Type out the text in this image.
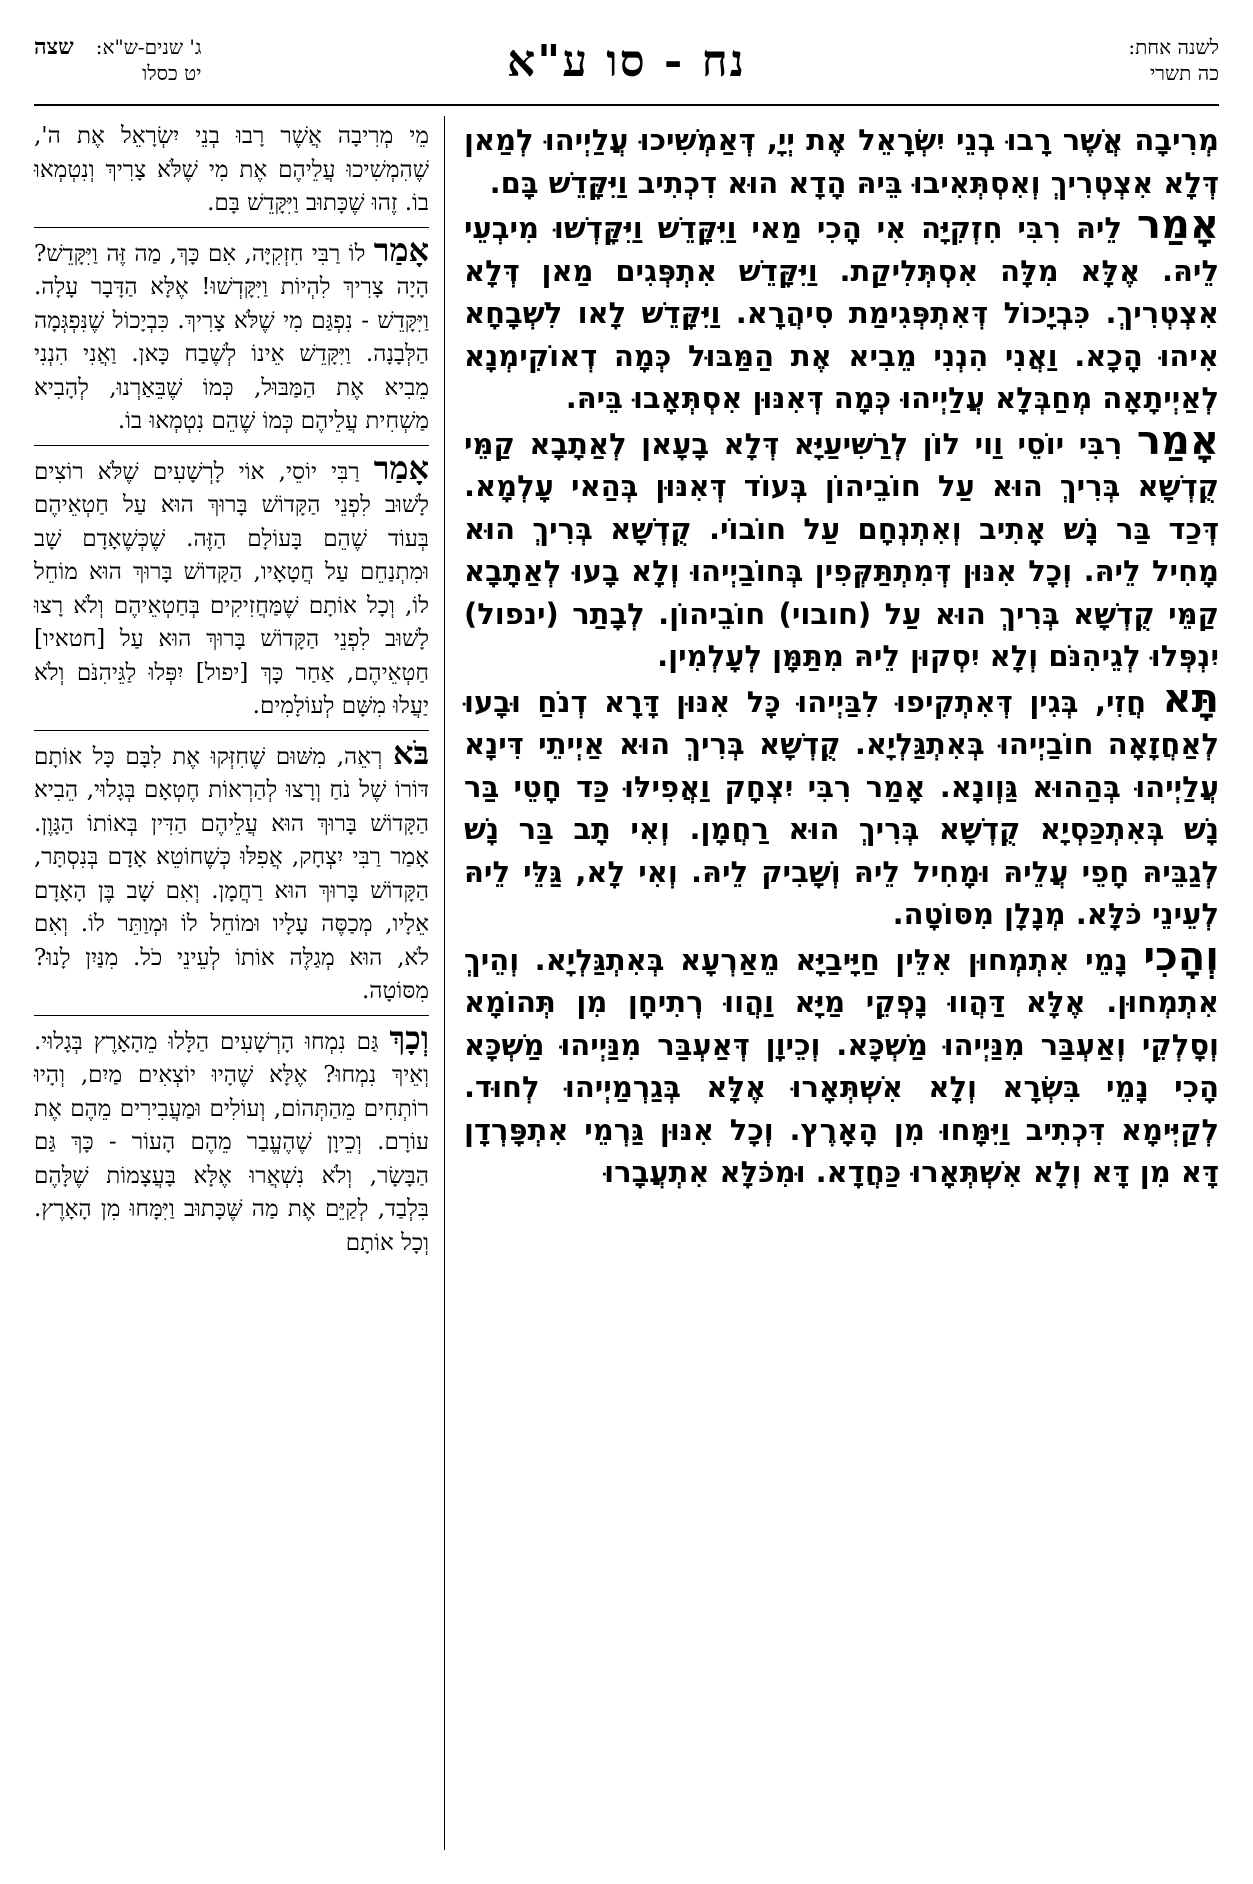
לשנה אחת:
כה תשרי
נח - סו ע"א
ג' שנים-ש"א:
יט כסלו
שצה

מְרִיבָה אֲשֶׁר רָבוּ בְנֵי יִשְׂרָאֵל אֶת יְיָ, דְּאַמְשִׁיכוּ עֲלַיְיהוּ לְמַאן דְּלָא אִצְטְרִיךְ וְאִסְתְּאִיבוּ בֵּיהּ הָדָא הוּא דִכְתִיב וַיִּקָּדֵשׁ בָּם.

אָמַר לֵיהּ רִבִּי חִזְקִיָּה אִי הָכִי מַאי וַיִּקָּדֵשׁ וַיִּקָּדְשׁוּ מִיבְעֵי לֵיהּ. אֶלָּא מִלָּה אִסְתְּלִיקַת. וַיִּקָּדֵשׁ אִתְפְּגִים מַאן דְּלָא אִצְטְרִיךְ. כִּבְיָכוֹל דְּאִתְפְּגִימַת סִיהֲרָא. וַיִּקָּדֵשׁ לָאו לִשְׁבָחָא אִיהוּ הָכָא. וַאֲנִי הִנְנִי מֵבִיא אֶת הַמַּבּוּל כְּמָה דְאוֹקִימְנָא לְאַיְיתָאָה מְחַבְּלָא עֲלַיְיהוּ כְּמָה דְּאִנּוּן אִסְתְּאָבוּ בֵּיהּ.

אָמַר רִבִּי יוֹסֵי וַוי לוֹן לְרַשִּׁיעַיָּא דְּלָא בָעָאן לְאַתָבָא קַמֵּי קֻדְשָׁא בְּרִיךְ הוּא עַל חוֹבֵיהוֹן בְּעוֹד דְּאִנּוּן בְּהַאי עָלְמָא. דְּכַד בַּר נָשׁ אָתִיב וְאִתְנְחָם עַל חוֹבוֹי. קֻדְשָׁא בְּרִיךְ הוּא מָחִיל לֵיהּ. וְכָל אִנּוּן דְּמִתְתַּקְּפִין בְּחוֹבַיְיהוּ וְלָא בָעוּ לְאַתָבָא קַמֵּי קֻדְשָׁא בְּרִיךְ הוּא עַל (חובוי) חוֹבֵיהוֹן. לְבָתַר (ינפול) יִנְפְּלוּ לְגֵיהִנֹּם וְלָא יִסְקוּן לֵיהּ מִתַּמָּן לְעָלְמִין.

תָּא חֲזִי, בְּגִין דְּאִתְקִיפוּ לִבַּיְיהוּ כָּל אִנּוּן דָּרָא דְנֹחַ וּבָעוּ לְאַחֲזָאָה חוֹבַיְיהוּ בְּאִתְגַּלְיָא. קֻדְשָׁא בְּרִיךְ הוּא אַיְיתֵי דִּינָא עֲלַיְיהוּ בְּהַהוּא גַּוְונָא. אָמַר רִבִּי יִצְחָק וַאֲפִילּוּ כַּד חָטֵי בַּר נָשׁ בְּאִתְכַּסְיָא קֻדְשָׁא בְּרִיךְ הוּא רַחֲמָן. וְאִי תָב בַּר נָשׁ לְגַבֵּיהּ חָפֵי עֲלֵיהּ וּמָחִיל לֵיהּ וְשָׁבִיק לֵיהּ. וְאִי לָא, גַּלֵּי לֵיהּ לְעֵינֵי כֹּלָּא. מְנָלָן מִסּוֹטָה.

וְהָכִי נָמֵי אִתְמְחוּן אִלֵּין חַיָּיבַיָּא מֵאַרְעָא בְּאִתְגַּלְיָא. וְהֵיךְ אִתְמְחוּן. אֶלָּא דַּהֲווּ נָפְקֵי מַיָּא וַהֲווּ רְתִיחָן מִן תְּהוֹמָא וְסָלְקֵי וְאַעְבַּר מִנַּיְיהוּ מַשְׁכָּא. וְכֵיוָן דְּאַעְבַּר מִנַּיְיהוּ מַשְׁכָּא הָכִי נָמֵי בִּשְׂרָא וְלָא אִשְׁתְּאָרוּ אֶלָּא בְּגַרְמַיְיהוּ לְחוּד. לְקַיְּימָא דִּכְתִיב וַיִּמָּחוּ מִן הָאָרֶץ. וְכָל אִנּוּן גַּרְמֵי אִתְפָּרְדָן דָּא מִן דָּא וְלָא אִשְׁתְּאָרוּ כַּחֲדָא. וּמִכֹּלָּא אִתְעֲבָרוּ

מֵי מְרִיבָה אֲשֶׁר רָבוּ בְנֵי יִשְׂרָאֵל אֶת ה', שֶׁהִמְשִׁיכוּ עֲלֵיהֶם אֶת מִי שֶׁלֹּא צָרִיךְ וְנִטְמְאוּ בוֹ. זֶהוּ שֶׁכָּתוּב וַיִּקָּדֵשׁ בָּם.

אָמַר לוֹ רַבִּי חִזְקִיָּה, אִם כָּךְ, מַה זֶּה וַיִּקָּדֵשׁ? הָיָה צָרִיךְ לִהְיוֹת וַיִּקָּדְשׁוּ! אֶלָּא הַדָּבָר עָלָה. וַיִּקָּדֵשׁ - נִפְגַּם מִי שֶׁלֹּא צָרִיךְ. כִּבְיָכוֹל שֶׁנִּפְגְּמָה הַלְּבָנָה. וַיִּקָּדֵשׁ אֵינוֹ לְשֶׁבַח כָּאן. וַאֲנִי הִנְנִי מֵבִיא אֶת הַמַּבּוּל, כְּמוֹ שֶׁבֵּאַרְנוּ, לְהָבִיא מַשְׁחִית עֲלֵיהֶם כְּמוֹ שֶׁהֵם נִטְמְאוּ בוֹ.

אָמַר רַבִּי יוֹסֵי, אוֹי לָרְשָׁעִים שֶׁלֹּא רוֹצִים לָשׁוּב לִפְנֵי הַקָּדוֹשׁ בָּרוּךְ הוּא עַל חַטְאֵיהֶם בְּעוֹד שֶׁהֵם בָּעוֹלָם הַזֶּה. שֶׁכְּשֶׁאָדָם שָׁב וּמִתְנַחֵם עַל חֲטָאָיו, הַקָּדוֹשׁ בָּרוּךְ הוּא מוֹחֵל לוֹ, וְכָל אוֹתָם שֶׁמַּחֲזִיקִים בְּחַטְאֵיהֶם וְלֹא רָצוּ לָשׁוּב לִפְנֵי הַקָּדוֹשׁ בָּרוּךְ הוּא עַל [חטאיו] חַטְאֵיהֶם, אַחַר כָּךְ [יפול] יִפְּלוּ לַגֵּיהִנֹּם וְלֹא יַעֲלוּ מִשָּׁם לְעוֹלָמִים.

בֹּא רְאֵה, מִשּׁוּם שֶׁחִזְּקוּ אֶת לִבָּם כָּל אוֹתָם דּוֹרוֹ שֶׁל נֹחַ וְרָצוּ לְהַרְאוֹת חֶטְאָם בְּגָלוּי, הֵבִיא הַקָּדוֹשׁ בָּרוּךְ הוּא עֲלֵיהֶם הַדִּין בְּאוֹתוֹ הַגָּוֶן. אָמַר רַבִּי יִצְחָק, אֲפִלּוּ כְּשֶׁחוֹטֵא אָדָם בְּנִסְתָּר, הַקָּדוֹשׁ בָּרוּךְ הוּא רַחֲמָן. וְאִם שָׁב בֶּן הָאָדָם אֵלָיו, מְכַסֶּה עָלָיו וּמוֹחֵל לוֹ וּמְוַתֵּר לוֹ. וְאִם לֹא, הוּא מְגַלֶּה אוֹתוֹ לְעֵינֵי כֹל. מִנַּיִן לָנוּ? מִסּוֹטָה.

וְכָךְ גַּם נִמְחוּ הָרְשָׁעִים הַלָּלוּ מֵהָאָרֶץ בְּגָלוּי. וְאֵיךְ נִמְחוּ? אֶלָּא שֶׁהָיוּ יוֹצְאִים מַיִם, וְהָיוּ רוֹתְחִים מֵהַתְּהוֹם, וְעוֹלִים וּמַעֲבִירִים מֵהֶם אֶת עוֹרָם. וְכֵיוָן שֶׁהֶעֱבַר מֵהֶם הָעוֹר - כָּךְ גַּם הַבָּשָׂר, וְלֹא נִשְׁאֲרוּ אֶלָּא בָּעֲצָמוֹת שֶׁלָּהֶם בִּלְבַד, לְקַיֵּם אֶת מַה שֶּׁכָּתוּב וַיִּמָּחוּ מִן הָאָרֶץ. וְכָל אוֹתָם
